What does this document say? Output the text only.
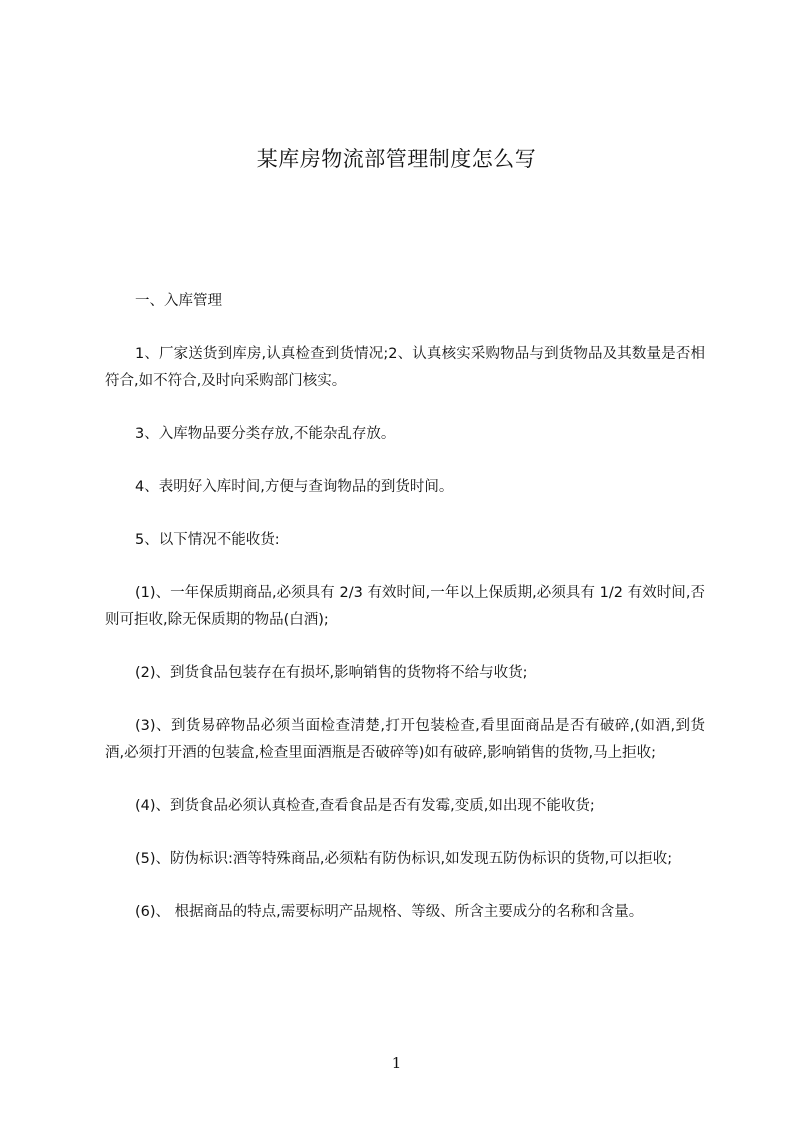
某库房物流部管理制度怎么写

一、入库管理

1、厂家送货到库房,认真检查到货情况;2、认真核实采购物品与到货物品及其数量是否相符合,如不符合,及时向采购部门核实。

3、入库物品要分类存放,不能杂乱存放。

4、表明好入库时间,方便与查询物品的到货时间。

5、以下情况不能收货:

(1)、一年保质期商品,必须具有 2/3 有效时间,一年以上保质期,必须具有 1/2 有效时间,否则可拒收,除无保质期的物品(白酒);

(2)、到货食品包装存在有损坏,影响销售的货物将不给与收货;

(3)、到货易碎物品必须当面检查清楚,打开包装检查,看里面商品是否有破碎,(如酒,到货酒,必须打开酒的包装盒,检查里面酒瓶是否破碎等)如有破碎,影响销售的货物,马上拒收;

(4)、到货食品必须认真检查,查看食品是否有发霉,变质,如出现不能收货;

(5)、防伪标识:酒等特殊商品,必须粘有防伪标识,如发现五防伪标识的货物,可以拒收;

(6)、 根据商品的特点,需要标明产品规格、等级、所含主要成分的名称和含量。

1
